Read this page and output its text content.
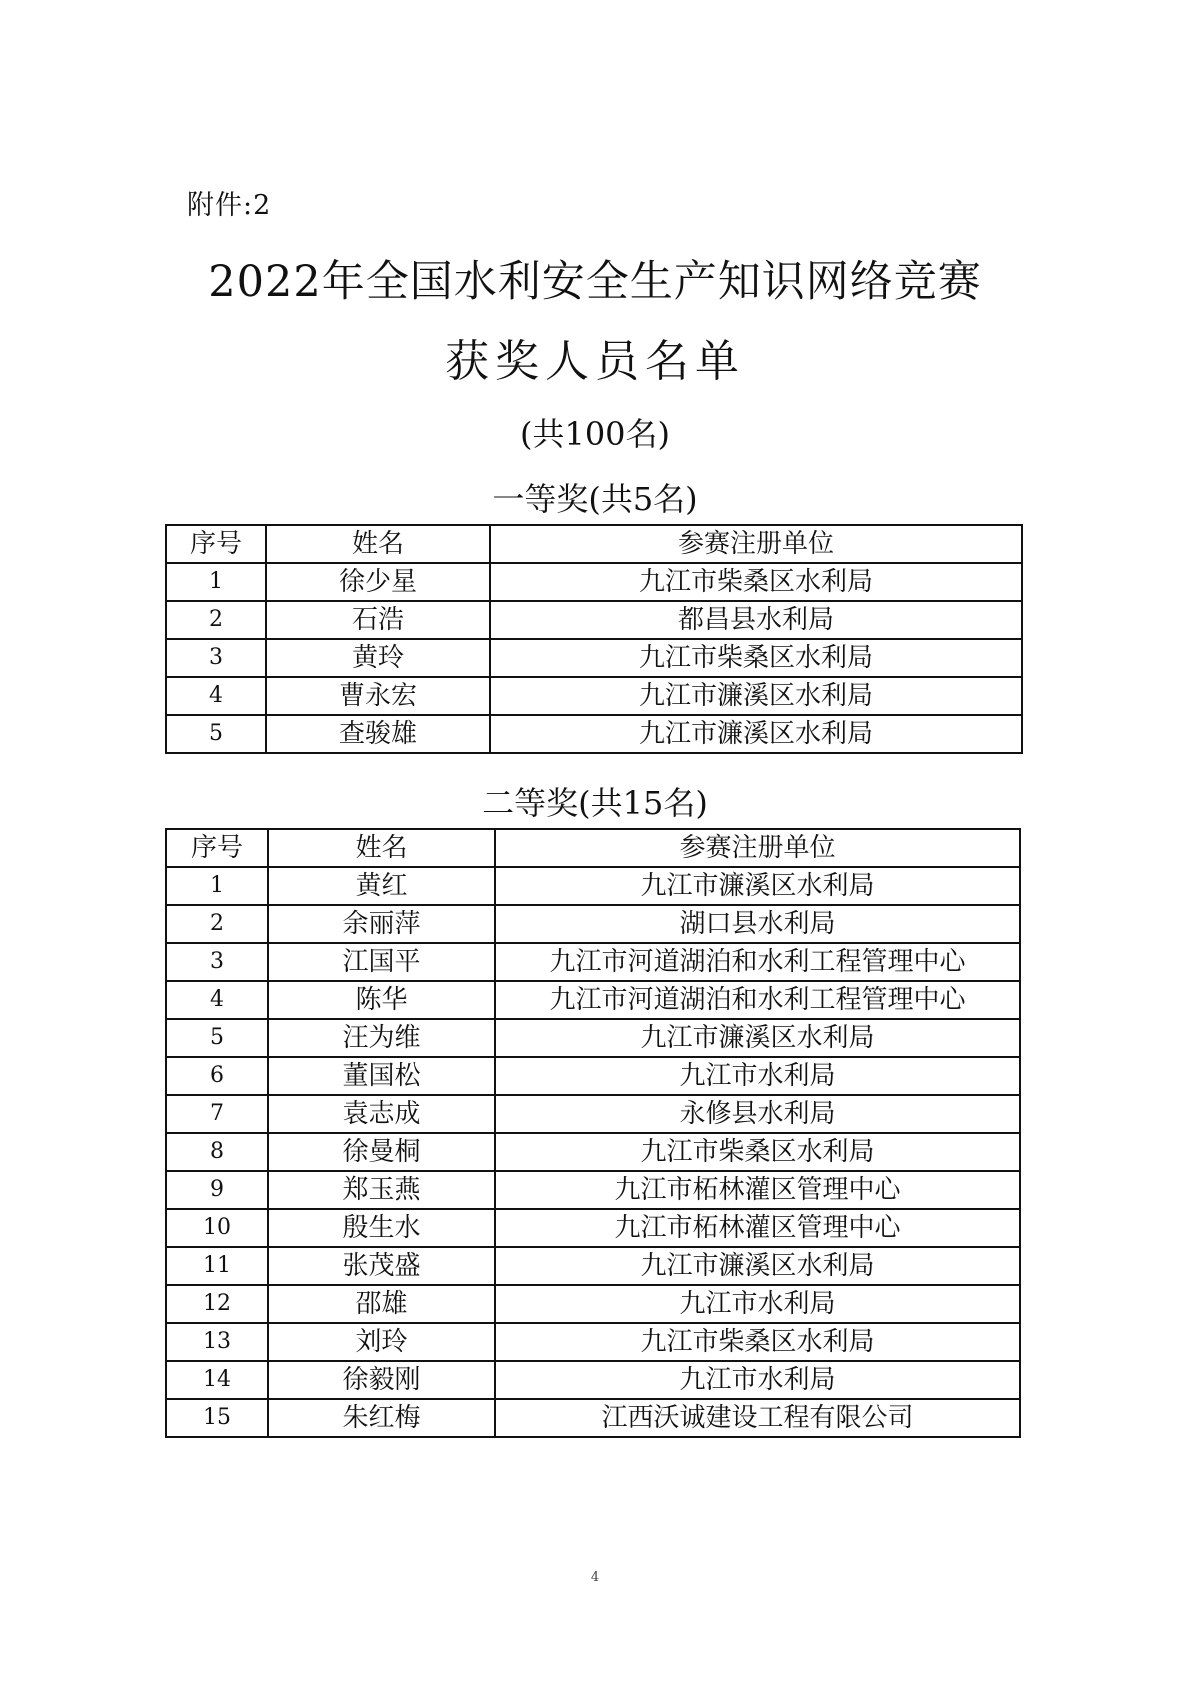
附件:2
2022年全国水利安全生产知识网络竞赛
获奖人员名单
(共100名)
一等奖(共5名)
序号	姓名	参赛注册单位
1	徐少星	九江市柴桑区水利局
2	石浩	都昌县水利局
3	黄玲	九江市柴桑区水利局
4	曹永宏	九江市濂溪区水利局
5	查骏雄	九江市濂溪区水利局
二等奖(共15名)
序号	姓名	参赛注册单位
1	黄红	九江市濂溪区水利局
2	余丽萍	湖口县水利局
3	江国平	九江市河道湖泊和水利工程管理中心
4	陈华	九江市河道湖泊和水利工程管理中心
5	汪为维	九江市濂溪区水利局
6	董国松	九江市水利局
7	袁志成	永修县水利局
8	徐曼桐	九江市柴桑区水利局
9	郑玉燕	九江市柘林灌区管理中心
10	殷生水	九江市柘林灌区管理中心
11	张茂盛	九江市濂溪区水利局
12	邵雄	九江市水利局
13	刘玲	九江市柴桑区水利局
14	徐毅刚	九江市水利局
15	朱红梅	江西沃诚建设工程有限公司
4
